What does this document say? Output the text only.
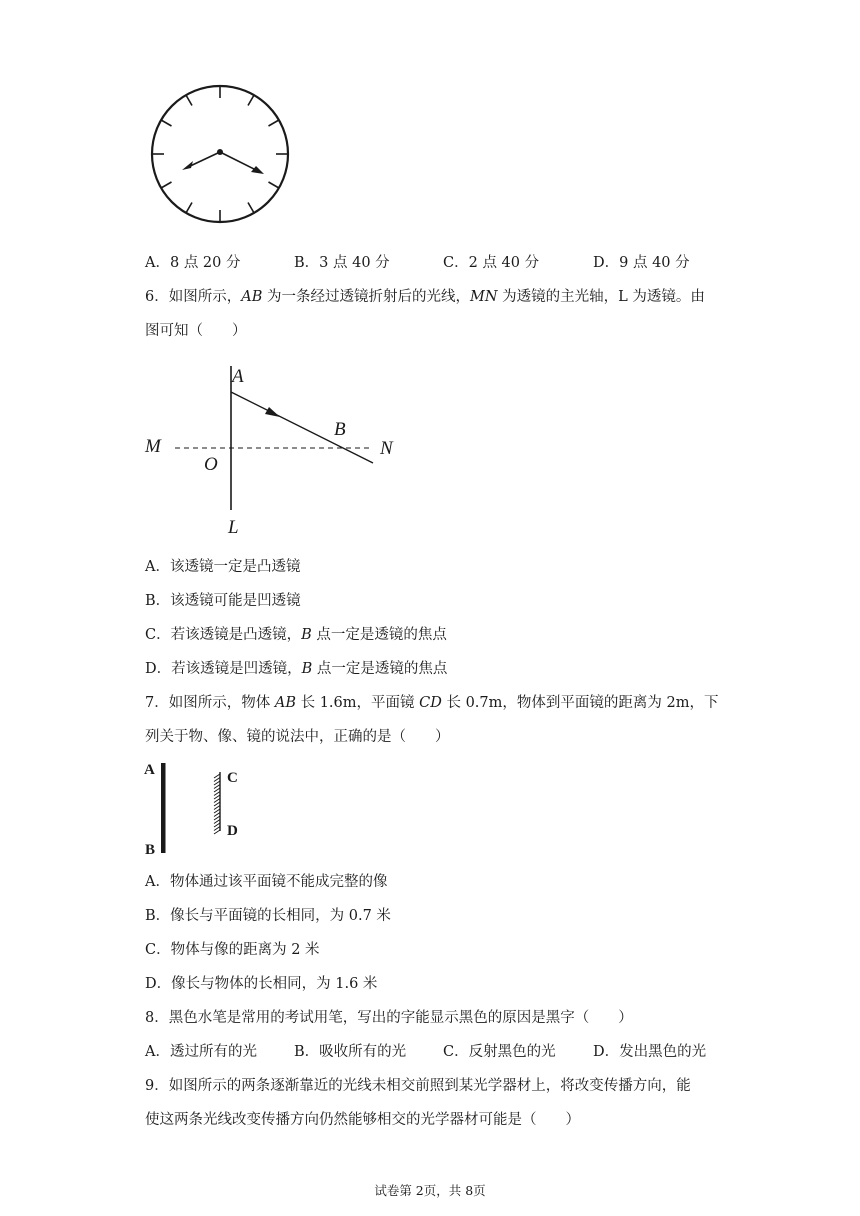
A．8 点 20 分	B．3 点 40 分	C．2 点 40 分	D．9 点 40 分
6．如图所示，AB 为一条经过透镜折射后的光线，MN 为透镜的主光轴，L 为透镜。由
图可知（　　）
A
B
M	N
O
L
A．该透镜一定是凸透镜
B．该透镜可能是凹透镜
C．若该透镜是凸透镜，B 点一定是透镜的焦点
D．若该透镜是凹透镜，B 点一定是透镜的焦点
7．如图所示，物体 AB 长 1.6m，平面镜 CD 长 0.7m，物体到平面镜的距离为 2m，下
列关于物、像、镜的说法中，正确的是（　　）
A
B
C
D
A．物体通过该平面镜不能成完整的像
B．像长与平面镜的长相同，为 0.7 米
C．物体与像的距离为 2 米
D．像长与物体的长相同，为 1.6 米
8．黑色水笔是常用的考试用笔，写出的字能显示黑色的原因是黑字（　　）
A．透过所有的光	B．吸收所有的光	C．反射黑色的光	D．发出黑色的光
9．如图所示的两条逐渐靠近的光线未相交前照到某光学器材上，将改变传播方向，能
使这两条光线改变传播方向仍然能够相交的光学器材可能是（　　）
试卷第 2页，共 8页
